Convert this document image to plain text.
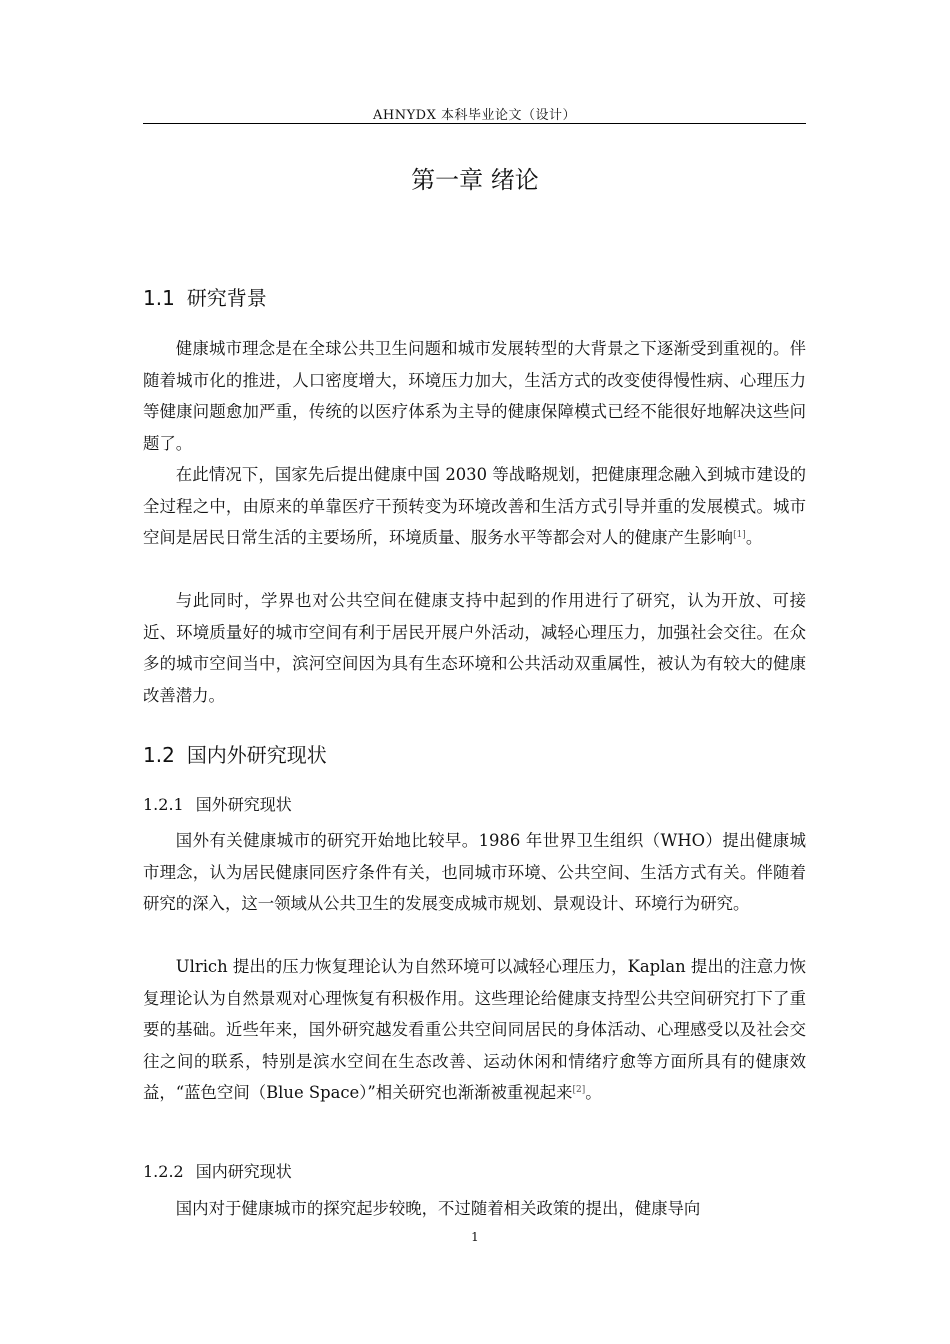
AHNYDX 本科毕业论文（设计）
第一章 绪论
1.1 研究背景

健康城市理念是在全球公共卫生问题和城市发展转型的大背景之下逐渐受到重视的。伴随着城市化的推进，人口密度增大，环境压力加大，生活方式的改变使得慢性病、心理压力等健康问题愈加严重，传统的以医疗体系为主导的健康保障模式已经不能很好地解决这些问题了。

在此情况下，国家先后提出健康中国 2030 等战略规划，把健康理念融入到城市建设的全过程之中，由原来的单靠医疗干预转变为环境改善和生活方式引导并重的发展模式。城市空间是居民日常生活的主要场所，环境质量、服务水平等都会对人的健康产生影响[1]。

与此同时，学界也对公共空间在健康支持中起到的作用进行了研究，认为开放、可接近、环境质量好的城市空间有利于居民开展户外活动，减轻心理压力，加强社会交往。在众多的城市空间当中，滨河空间因为具有生态环境和公共活动双重属性，被认为有较大的健康改善潜力。

1.2 国内外研究现状
1.2.1 国外研究现状

国外有关健康城市的研究开始地比较早。1986 年世界卫生组织（WHO）提出健康城市理念，认为居民健康同医疗条件有关，也同城市环境、公共空间、生活方式有关。伴随着研究的深入，这一领域从公共卫生的发展变成城市规划、景观设计、环境行为研究。

Ulrich 提出的压力恢复理论认为自然环境可以减轻心理压力，Kaplan 提出的注意力恢复理论认为自然景观对心理恢复有积极作用。这些理论给健康支持型公共空间研究打下了重要的基础。近些年来，国外研究越发看重公共空间同居民的身体活动、心理感受以及社会交往之间的联系，特别是滨水空间在生态改善、运动休闲和情绪疗愈等方面所具有的健康效益，“蓝色空间（Blue Space）”相关研究也渐渐被重视起来[2]。

1.2.2 国内研究现状

国内对于健康城市的探究起步较晚，不过随着相关政策的提出，健康导向

1
